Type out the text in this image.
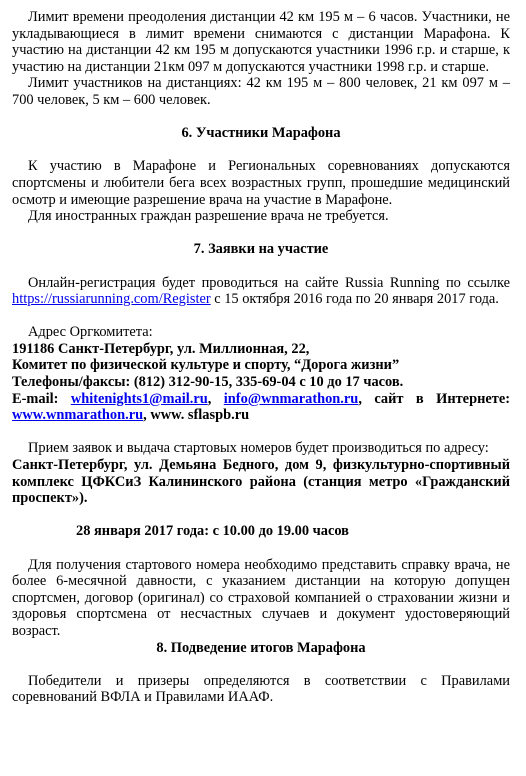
Лимит времени преодоления дистанции 42 км 195 м – 6 часов. Участники, не укладывающиеся в лимит времени снимаются с дистанции Марафона. К участию на дистанции 42 км 195 м допускаются участники 1996 г.р. и старше, к участию на дистанции 21км 097 м допускаются участники 1998 г.р. и старше.

Лимит участников на дистанциях: 42 км 195 м – 800 человек, 21 км 097 м – 700 человек, 5 км – 600 человек.

6. Участники Марафона

К участию в Марафоне и Региональных соревнованиях допускаются спортсмены и любители бега всех возрастных групп, прошедшие медицинский осмотр и имеющие разрешение врача на участие в Марафоне.

Для иностранных граждан разрешение врача не требуется.

7. Заявки на участие

Онлайн-регистрация будет проводиться на сайте Russia Running по ссылке https://russiarunning.com/Register с 15 октября 2016 года по 20 января 2017 года.

Адрес Оргкомитета:

191186 Санкт-Петербург, ул. Миллионная, 22,

Комитет по физической культуре и спорту, “Дорога жизни”

Телефоны/факсы: (812) 312-90-15, 335-69-04 с 10 до 17 часов.

E-mail: whitenights1@mail.ru, info@wnmarathon.ru, сайт в Интернете: www.wnmarathon.ru, www. sflaspb.ru

Прием заявок и выдача стартовых номеров будет производиться по адресу:

Санкт-Петербург, ул. Демьяна Бедного, дом 9, физкультурно-спортивный комплекс ЦФКСиЗ Калининского района (станция метро «Гражданский проспект»).

28 января 2017 года: с 10.00 до 19.00 часов

Для получения стартового номера необходимо представить справку врача, не более 6-месячной давности, с указанием дистанции на которую допущен спортсмен, договор (оригинал) со страховой компанией о страховании жизни и здоровья спортсмена от несчастных случаев и документ удостоверяющий возраст.

8. Подведение итогов Марафона

Победители и призеры определяются в соответствии с Правилами соревнований ВФЛА и Правилами ИААФ.
